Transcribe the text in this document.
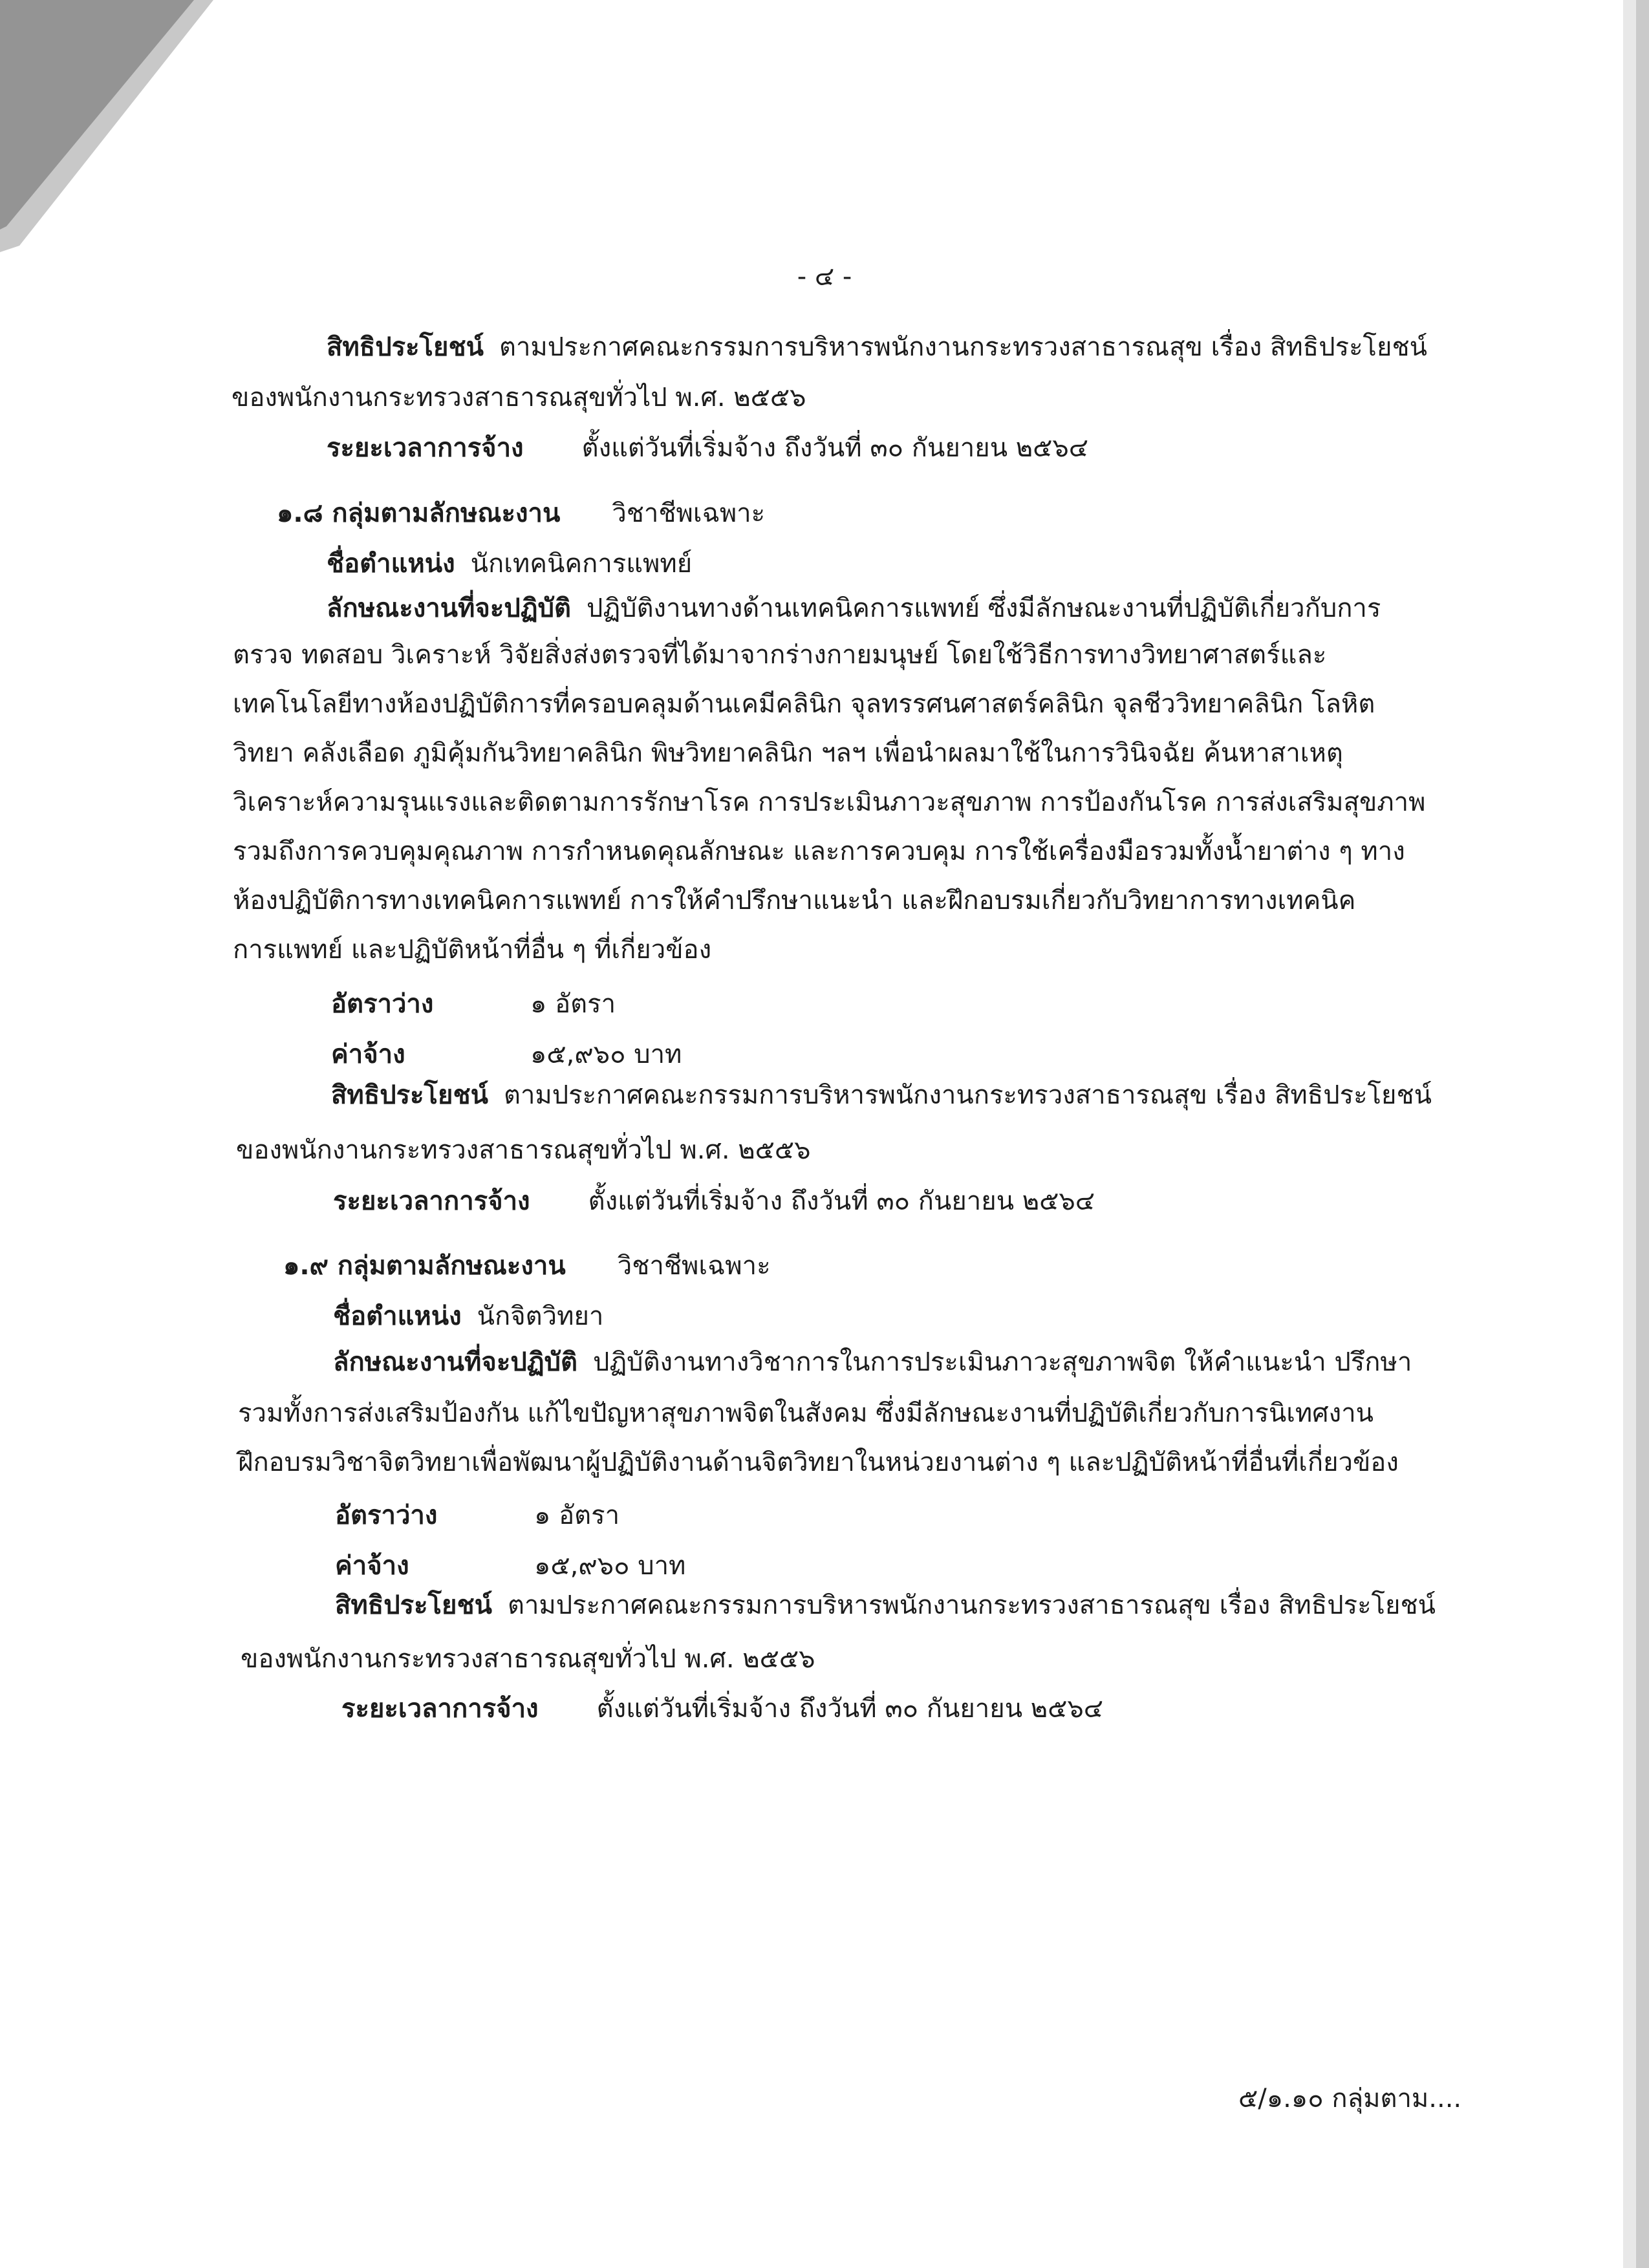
- ๔ -
สิทธิประโยชน์ ตามประกาศคณะกรรมการบริหารพนักงานกระทรวงสาธารณสุข เรื่อง สิทธิประโยชน์
ของพนักงานกระทรวงสาธารณสุขทั่วไป พ.ศ. ๒๕๕๖
ระยะเวลาการจ้าง ตั้งแต่วันที่เริ่มจ้าง ถึงวันที่ ๓๐ กันยายน ๒๕๖๔
๑.๘ กลุ่มตามลักษณะงาน วิชาชีพเฉพาะ
ชื่อตำแหน่ง นักเทคนิคการแพทย์
ลักษณะงานที่จะปฏิบัติ ปฏิบัติงานทางด้านเทคนิคการแพทย์ ซึ่งมีลักษณะงานที่ปฏิบัติเกี่ยวกับการ
ตรวจ ทดสอบ วิเคราะห์ วิจัยสิ่งส่งตรวจที่ได้มาจากร่างกายมนุษย์ โดยใช้วิธีการทางวิทยาศาสตร์และ
เทคโนโลยีทางห้องปฏิบัติการที่ครอบคลุมด้านเคมีคลินิก จุลทรรศนศาสตร์คลินิก จุลชีววิทยาคลินิก โลหิต
วิทยา คลังเลือด ภูมิคุ้มกันวิทยาคลินิก พิษวิทยาคลินิก ฯลฯ เพื่อนำผลมาใช้ในการวินิจฉัย ค้นหาสาเหตุ
วิเคราะห์ความรุนแรงและติดตามการรักษาโรค การประเมินภาวะสุขภาพ การป้องกันโรค การส่งเสริมสุขภาพ
รวมถึงการควบคุมคุณภาพ การกำหนดคุณลักษณะ และการควบคุม การใช้เครื่องมือรวมทั้งน้ำยาต่าง ๆ ทาง
ห้องปฏิบัติการทางเทคนิคการแพทย์ การให้คำปรึกษาแนะนำ และฝึกอบรมเกี่ยวกับวิทยาการทางเทคนิค
การแพทย์ และปฏิบัติหน้าที่อื่น ๆ ที่เกี่ยวข้อง
อัตราว่าง	๑ อัตรา
ค่าจ้าง	๑๕,๙๖๐ บาท
สิทธิประโยชน์ ตามประกาศคณะกรรมการบริหารพนักงานกระทรวงสาธารณสุข เรื่อง สิทธิประโยชน์
ของพนักงานกระทรวงสาธารณสุขทั่วไป พ.ศ. ๒๕๕๖
ระยะเวลาการจ้าง ตั้งแต่วันที่เริ่มจ้าง ถึงวันที่ ๓๐ กันยายน ๒๕๖๔
๑.๙ กลุ่มตามลักษณะงาน วิชาชีพเฉพาะ
ชื่อตำแหน่ง นักจิตวิทยา
ลักษณะงานที่จะปฏิบัติ ปฏิบัติงานทางวิชาการในการประเมินภาวะสุขภาพจิต ให้คำแนะนำ ปรึกษา
รวมทั้งการส่งเสริมป้องกัน แก้ไขปัญหาสุขภาพจิตในสังคม ซึ่งมีลักษณะงานที่ปฏิบัติเกี่ยวกับการนิเทศงาน
ฝึกอบรมวิชาจิตวิทยาเพื่อพัฒนาผู้ปฏิบัติงานด้านจิตวิทยาในหน่วยงานต่าง ๆ และปฏิบัติหน้าที่อื่นที่เกี่ยวข้อง
อัตราว่าง	๑ อัตรา
ค่าจ้าง	๑๕,๙๖๐ บาท
สิทธิประโยชน์ ตามประกาศคณะกรรมการบริหารพนักงานกระทรวงสาธารณสุข เรื่อง สิทธิประโยชน์
ของพนักงานกระทรวงสาธารณสุขทั่วไป พ.ศ. ๒๕๕๖
ระยะเวลาการจ้าง ตั้งแต่วันที่เริ่มจ้าง ถึงวันที่ ๓๐ กันยายน ๒๕๖๔
๕/๑.๑๐ กลุ่มตาม....
